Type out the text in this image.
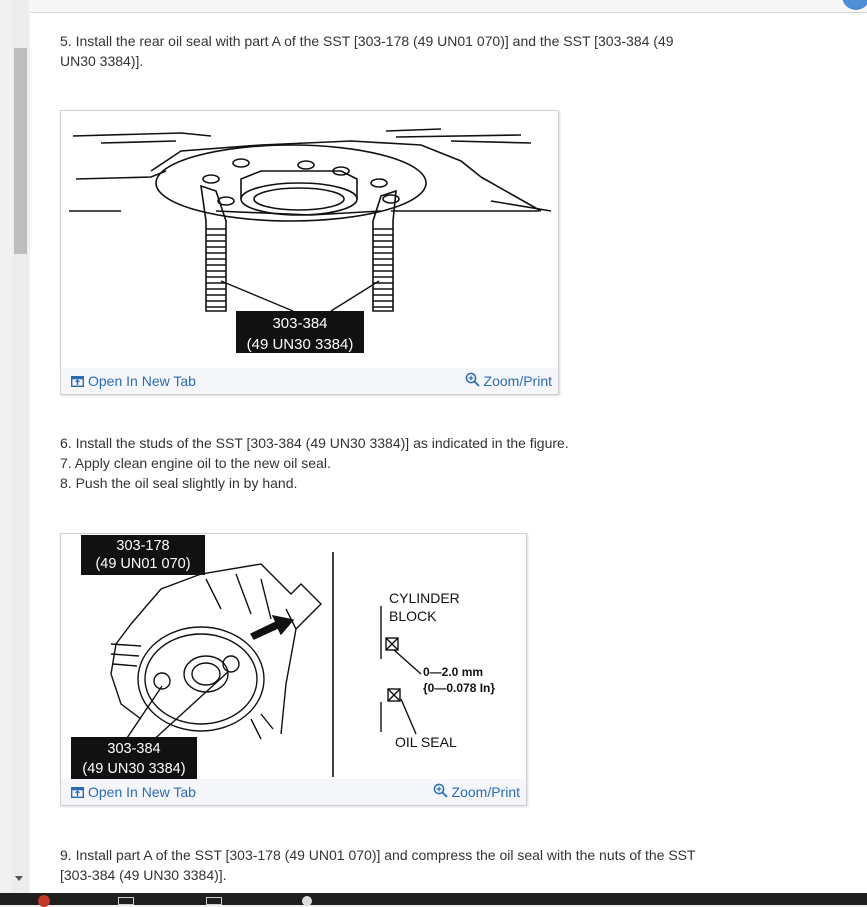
5. Install the rear oil seal with part A of the SST [303-178 (49 UN01 070)] and the SST [303-384 (49 UN30 3384)].
303-384
(49 UN30 3384)
Open In New Tab	Zoom/Print
6. Install the studs of the SST [303-384 (49 UN30 3384)] as indicated in the figure.
7. Apply clean engine oil to the new oil seal.
8. Push the oil seal slightly in by hand.
303-178
(49 UN01 070)
303-384
(49 UN30 3384)
CYLINDER
BLOCK
0—2.0 mm
{0—0.078 In}
OIL SEAL
Open In New Tab	Zoom/Print
9. Install part A of the SST [303-178 (49 UN01 070)] and compress the oil seal with the nuts of the SST [303-384 (49 UN30 3384)].
